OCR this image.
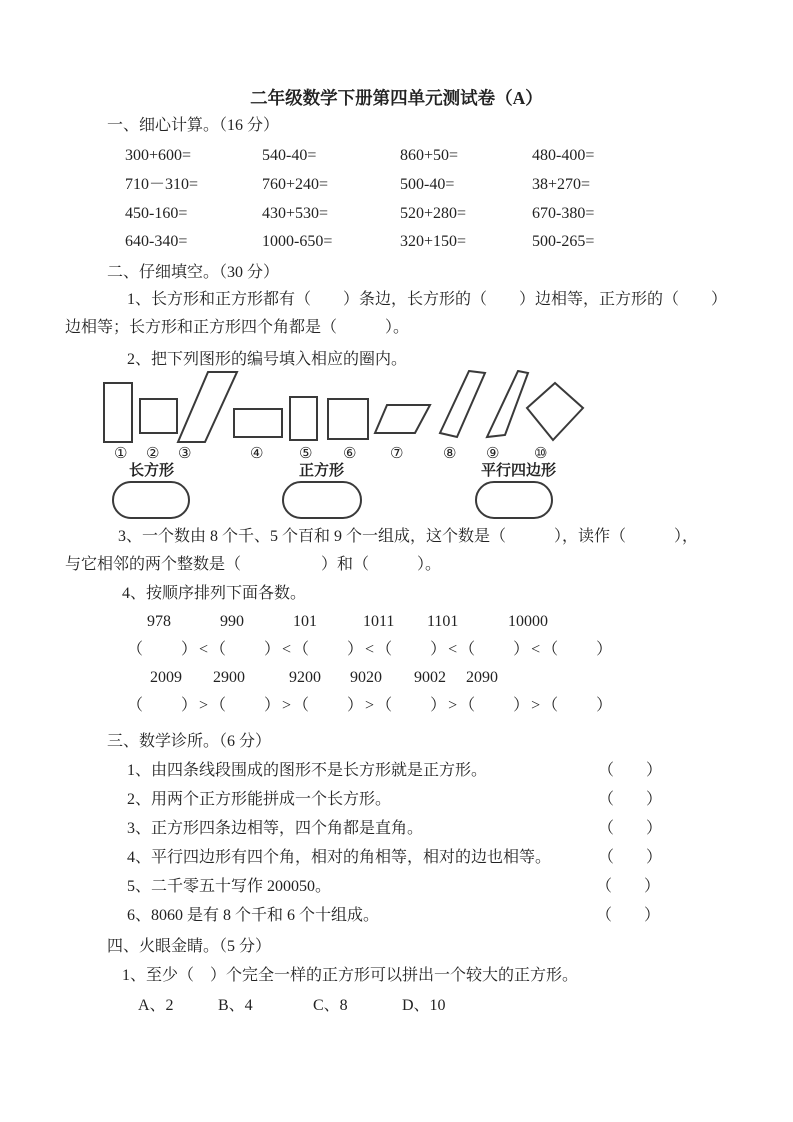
二年级数学下册第四单元测试卷（A）
一、细心计算。（16 分）
300+600=	540-40=	860+50=	480-400=
710－310=	760+240=	500-40=	38+270=
450-160=	430+530=	520+280=	670-380=
640-340=	1000-650=	320+150=	500-265=
二、仔细填空。（30 分）
1、长方形和正方形都有（　　）条边，长方形的（　　）边相等，正方形的（　　）
边相等；长方形和正方形四个角都是（　　　）。
2、把下列图形的编号填入相应的圈内。
① ② ③	④ ⑤ ⑥ ⑦	⑧ ⑨ ⑩
长方形	正方形	平行四边形
3、一个数由 8 个千、5 个百和 9 个一组成，这个数是（　　　），读作（　　　），
与它相邻的两个整数是（　　　　　）和（　　　）。
4、按顺序排列下面各数。
978	990	101	1011 1101	10000
（　　）<（　　）<（　　）<（　　）<（　　）<（　　）
2009 2900	9200 9020 9002 2090
（　　）>（　　）>（　　）>（　　）>（　　）>（　　）
三、数学诊所。（6 分）
1、由四条线段围成的图形不是长方形就是正方形。	（　　）
2、用两个正方形能拼成一个长方形。	（　　）
3、正方形四条边相等，四个角都是直角。	（　　）
4、平行四边形有四个角，相对的角相等，相对的边也相等。	（　　）
5、二千零五十写作 200050。	（　　）
6、8060 是有 8 个千和 6 个十组成。	（　　）
四、火眼金睛。（5 分）
1、至少（　）个完全一样的正方形可以拼出一个较大的正方形。
A、2	B、4	C、8	D、10
